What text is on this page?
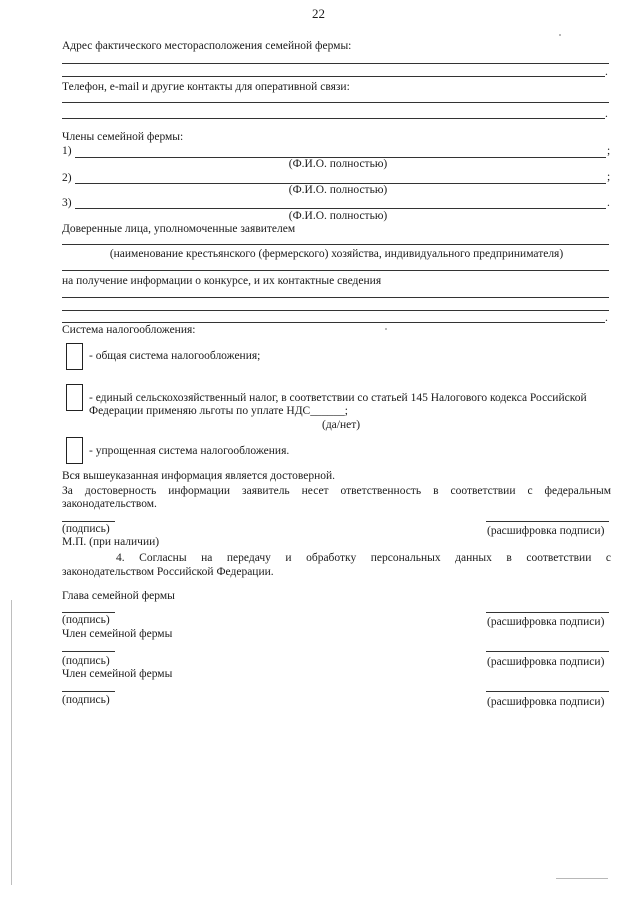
22
Адрес фактического месторасположения семейной фермы:
.
Телефон, e-mail и другие контакты для оперативной связи:
.
Члены семейной фермы:
1)	;
(Ф.И.О. полностью)
2)	;
(Ф.И.О. полностью)
3)	.
(Ф.И.О. полностью)
Доверенные лица, уполномоченные заявителем
(наименование крестьянского (фермерского) хозяйства, индивидуального предпринимателя)
на получение информации о конкурсе, и их контактные сведения
.
Система налогообложения:
- общая система налогообложения;
- единый сельскохозяйственный налог, в соответствии со статьей 145 Налогового кодекса Российской
Федерации применяю льготы по уплате НДС______;
(да/нет)
- упрощенная система налогообложения.
Вся вышеуказанная информация является достоверной.
За достоверность информации заявитель несет ответственность в соответствии с федеральным
законодательством.
(подпись)	(расшифровка подписи)
М.П. (при наличии)
4. Согласны на передачу и обработку персональных данных в соответствии с
законодательством Российской Федерации.
Глава семейной фермы
(подпись)	(расшифровка подписи)
Член семейной фермы
(подпись)	(расшифровка подписи)
Член семейной фермы
(подпись)	(расшифровка подписи)
